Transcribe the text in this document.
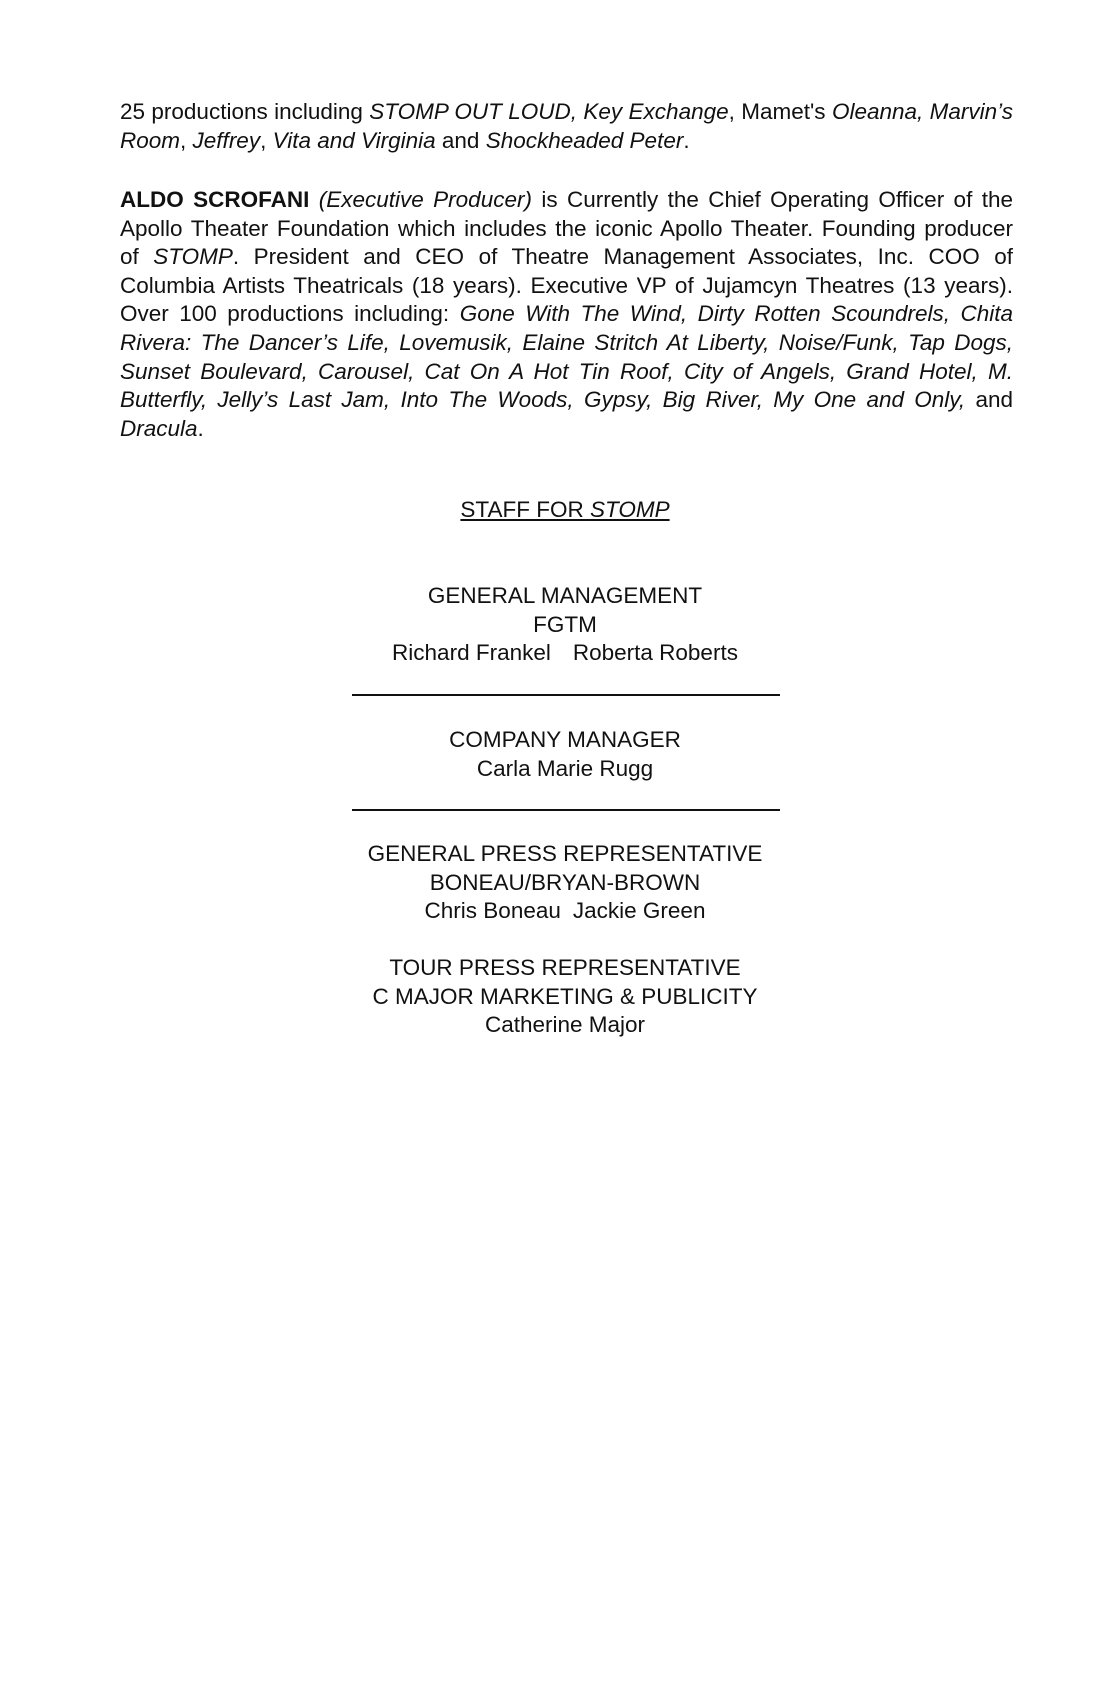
25 productions including STOMP OUT LOUD, Key Exchange, Mamet's Oleanna, Marvin’s Room, Jeffrey, Vita and Virginia and Shockheaded Peter.

ALDO SCROFANI (Executive Producer) is Currently the Chief Operating Officer of the Apollo Theater Foundation which includes the iconic Apollo Theater. Founding producer of STOMP. President and CEO of Theatre Management Associates, Inc. COO of Columbia Artists Theatricals (18 years). Executive VP of Jujamcyn Theatres (13 years). Over 100 productions including: Gone With The Wind, Dirty Rotten Scoundrels, Chita Rivera: The Dancer’s Life, Lovemusik, Elaine Stritch At Liberty, Noise/Funk, Tap Dogs, Sunset Boulevard, Carousel, Cat On A Hot Tin Roof, City of Angels, Grand Hotel, M. Butterfly, Jelly’s Last Jam, Into The Woods, Gypsy, Big River, My One and Only, and Dracula.

STAFF FOR STOMP
GENERAL MANAGEMENT
FGTM
Richard Frankel Roberta Roberts
COMPANY MANAGER
Carla Marie Rugg
GENERAL PRESS REPRESENTATIVE
BONEAU/BRYAN-BROWN
Chris Boneau Jackie Green
TOUR PRESS REPRESENTATIVE
C MAJOR MARKETING & PUBLICITY
Catherine Major
